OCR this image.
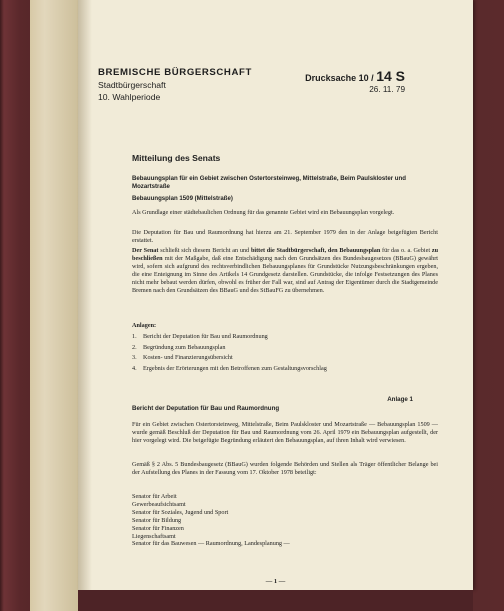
BREMISCHE BÜRGERSCHAFT
Stadtbürgerschaft
10. Wahlperiode
Drucksache 10 / 14 S
26. 11. 79
Mitteilung des Senats
Bebauungsplan für ein Gebiet zwischen Ostertorsteinweg, Mittelstraße, Beim Paulskloster und Mozartstraße
Bebauungsplan 1509 (Mittelstraße)
Als Grundlage einer städtebaulichen Ordnung für das genannte Gebiet wird ein Bebauungsplan vorgelegt.
Die Deputation für Bau und Raumordnung hat hierzu am 21. September 1979 den in der Anlage beigefügten Bericht erstattet.
Der Senat schließt sich diesem Bericht an und bittet die Stadtbürgerschaft, den Bebauungsplan für das o. a. Gebiet zu beschließen mit der Maßgabe, daß eine Entschädigung nach den Grundsätzen des Bundesbaugesetzes (BBauG) gewährt wird, sofern sich aufgrund des rechtsverbindlichen Bebauungsplanes für Grundstücke Nutzungsbeschränkungen ergeben, die eine Enteignung im Sinne des Artikels 14 Grundgesetz darstellen. Grundstücke, die infolge Festsetzungen des Planes nicht mehr bebaut werden dürfen, obwohl es früher der Fall war, sind auf Antrag der Eigentümer durch die Stadtgemeinde Bremen nach den Grundsätzen des BBauG und des StBauFG zu übernehmen.
Anlagen:
1. Bericht der Deputation für Bau und Raumordnung
2. Begründung zum Bebauungsplan
3. Kosten- und Finanzierungsübersicht
4. Ergebnis der Erörterungen mit den Betroffenen zum Gestaltungsvorschlag
Anlage 1
Bericht der Deputation für Bau und Raumordnung
Für ein Gebiet zwischen Ostertorsteinweg, Mittelstraße, Beim Paulskloster und Mozartstraße — Bebauungsplan 1509 — wurde gemäß Beschluß der Deputation für Bau und Raumordnung vom 26. April 1979 ein Bebauungsplan aufgestellt, der hier vorgelegt wird. Die beigefügte Begründung erläutert den Bebauungsplan, auf ihren Inhalt wird verwiesen.
Gemäß § 2 Abs. 5 Bundesbaugesetz (BBauG) wurden folgende Behörden und Stellen als Träger öffentlicher Belange bei der Aufstellung des Planes in der Fassung vom 17. Oktober 1978 beteiligt:
Senator für Arbeit
Gewerbeaufsichtsamt
Senator für Soziales, Jugend und Sport
Senator für Bildung
Senator für Finanzen
Liegenschaftsamt
Senator für das Bauwesen — Raumordnung, Landesplanung —
— 1 —
